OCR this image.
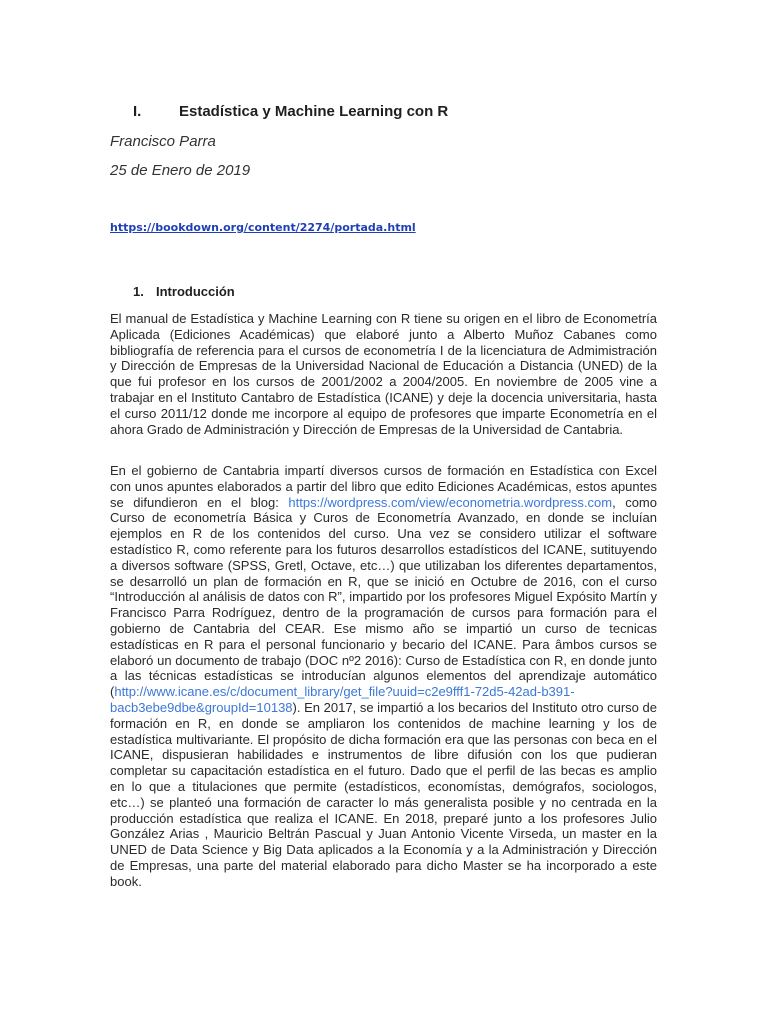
I.	Estadística y Machine Learning con R
Francisco Parra
25 de Enero de 2019
https://bookdown.org/content/2274/portada.html
1. Introducción
El manual de Estadística y Machine Learning con R tiene su origen en el libro de Econometría Aplicada (Ediciones Académicas) que elaboré junto a Alberto Muñoz Cabanes como bibliografía de referencia para el cursos de econometría I de la licenciatura de Admimistración y Dirección de Empresas de la Universidad Nacional de Educación a Distancia (UNED) de la que fui profesor en los cursos de 2001/2002 a 2004/2005. En noviembre de 2005 vine a trabajar en el Instituto Cantabro de Estadística (ICANE) y deje la docencia universitaria, hasta el curso 2011/12 donde me incorpore al equipo de profesores que imparte Econometría en el ahora Grado de Administración y Dirección de Empresas de la Universidad de Cantabria.
En el gobierno de Cantabria impartí diversos cursos de formación en Estadística con Excel con unos apuntes elaborados a partir del libro que edito Ediciones Académicas, estos apuntes se difundieron en el blog: https://wordpress.com/view/econometria.wordpress.com, como Curso de econometría Básica y Curos de Econometría Avanzado, en donde se incluían ejemplos en R de los contenidos del curso. Una vez se considero utilizar el software estadístico R, como referente para los futuros desarrollos estadísticos del ICANE, sutituyendo a diversos software (SPSS, Gretl, Octave, etc…) que utilizaban los diferentes departamentos, se desarrolló un plan de formación en R, que se inició en Octubre de 2016, con el curso “Introducción al análisis de datos con R”, impartido por los profesores Miguel Expósito Martín y Francisco Parra Rodríguez, dentro de la programación de cursos para formación para el gobierno de Cantabria del CEAR. Ese mismo año se impartió un curso de tecnicas estadísticas en R para el personal funcionario y becario del ICANE. Para âmbos cursos se elaboró un documento de trabajo (DOC nº2 2016): Curso de Estadística con R, en donde junto a las técnicas estadísticas se introducían algunos elementos del aprendizaje automático (http://www.icane.es/c/document_library/get_file?uuid=c2e9fff1-72d5-42ad-b391-bacb3ebe9dbe&groupId=10138). En 2017, se impartió a los becarios del Instituto otro curso de formación en R, en donde se ampliaron los contenidos de machine learning y los de estadística multivariante. El propósito de dicha formación era que las personas con beca en el ICANE, dispusieran habilidades e instrumentos de libre difusión con los que pudieran completar su capacitación estadística en el futuro. Dado que el perfil de las becas es amplio en lo que a titulaciones que permite (estadísticos, economístas, demógrafos, sociologos, etc…) se planteó una formación de caracter lo más generalista posible y no centrada en la producción estadística que realiza el ICANE. En 2018, preparé junto a los profesores Julio González Arias , Mauricio Beltrán Pascual y Juan Antonio Vicente Virseda, un master en la UNED de Data Science y Big Data aplicados a la Economía y a la Administración y Dirección de Empresas, una parte del material elaborado para dicho Master se ha incorporado a este book.
